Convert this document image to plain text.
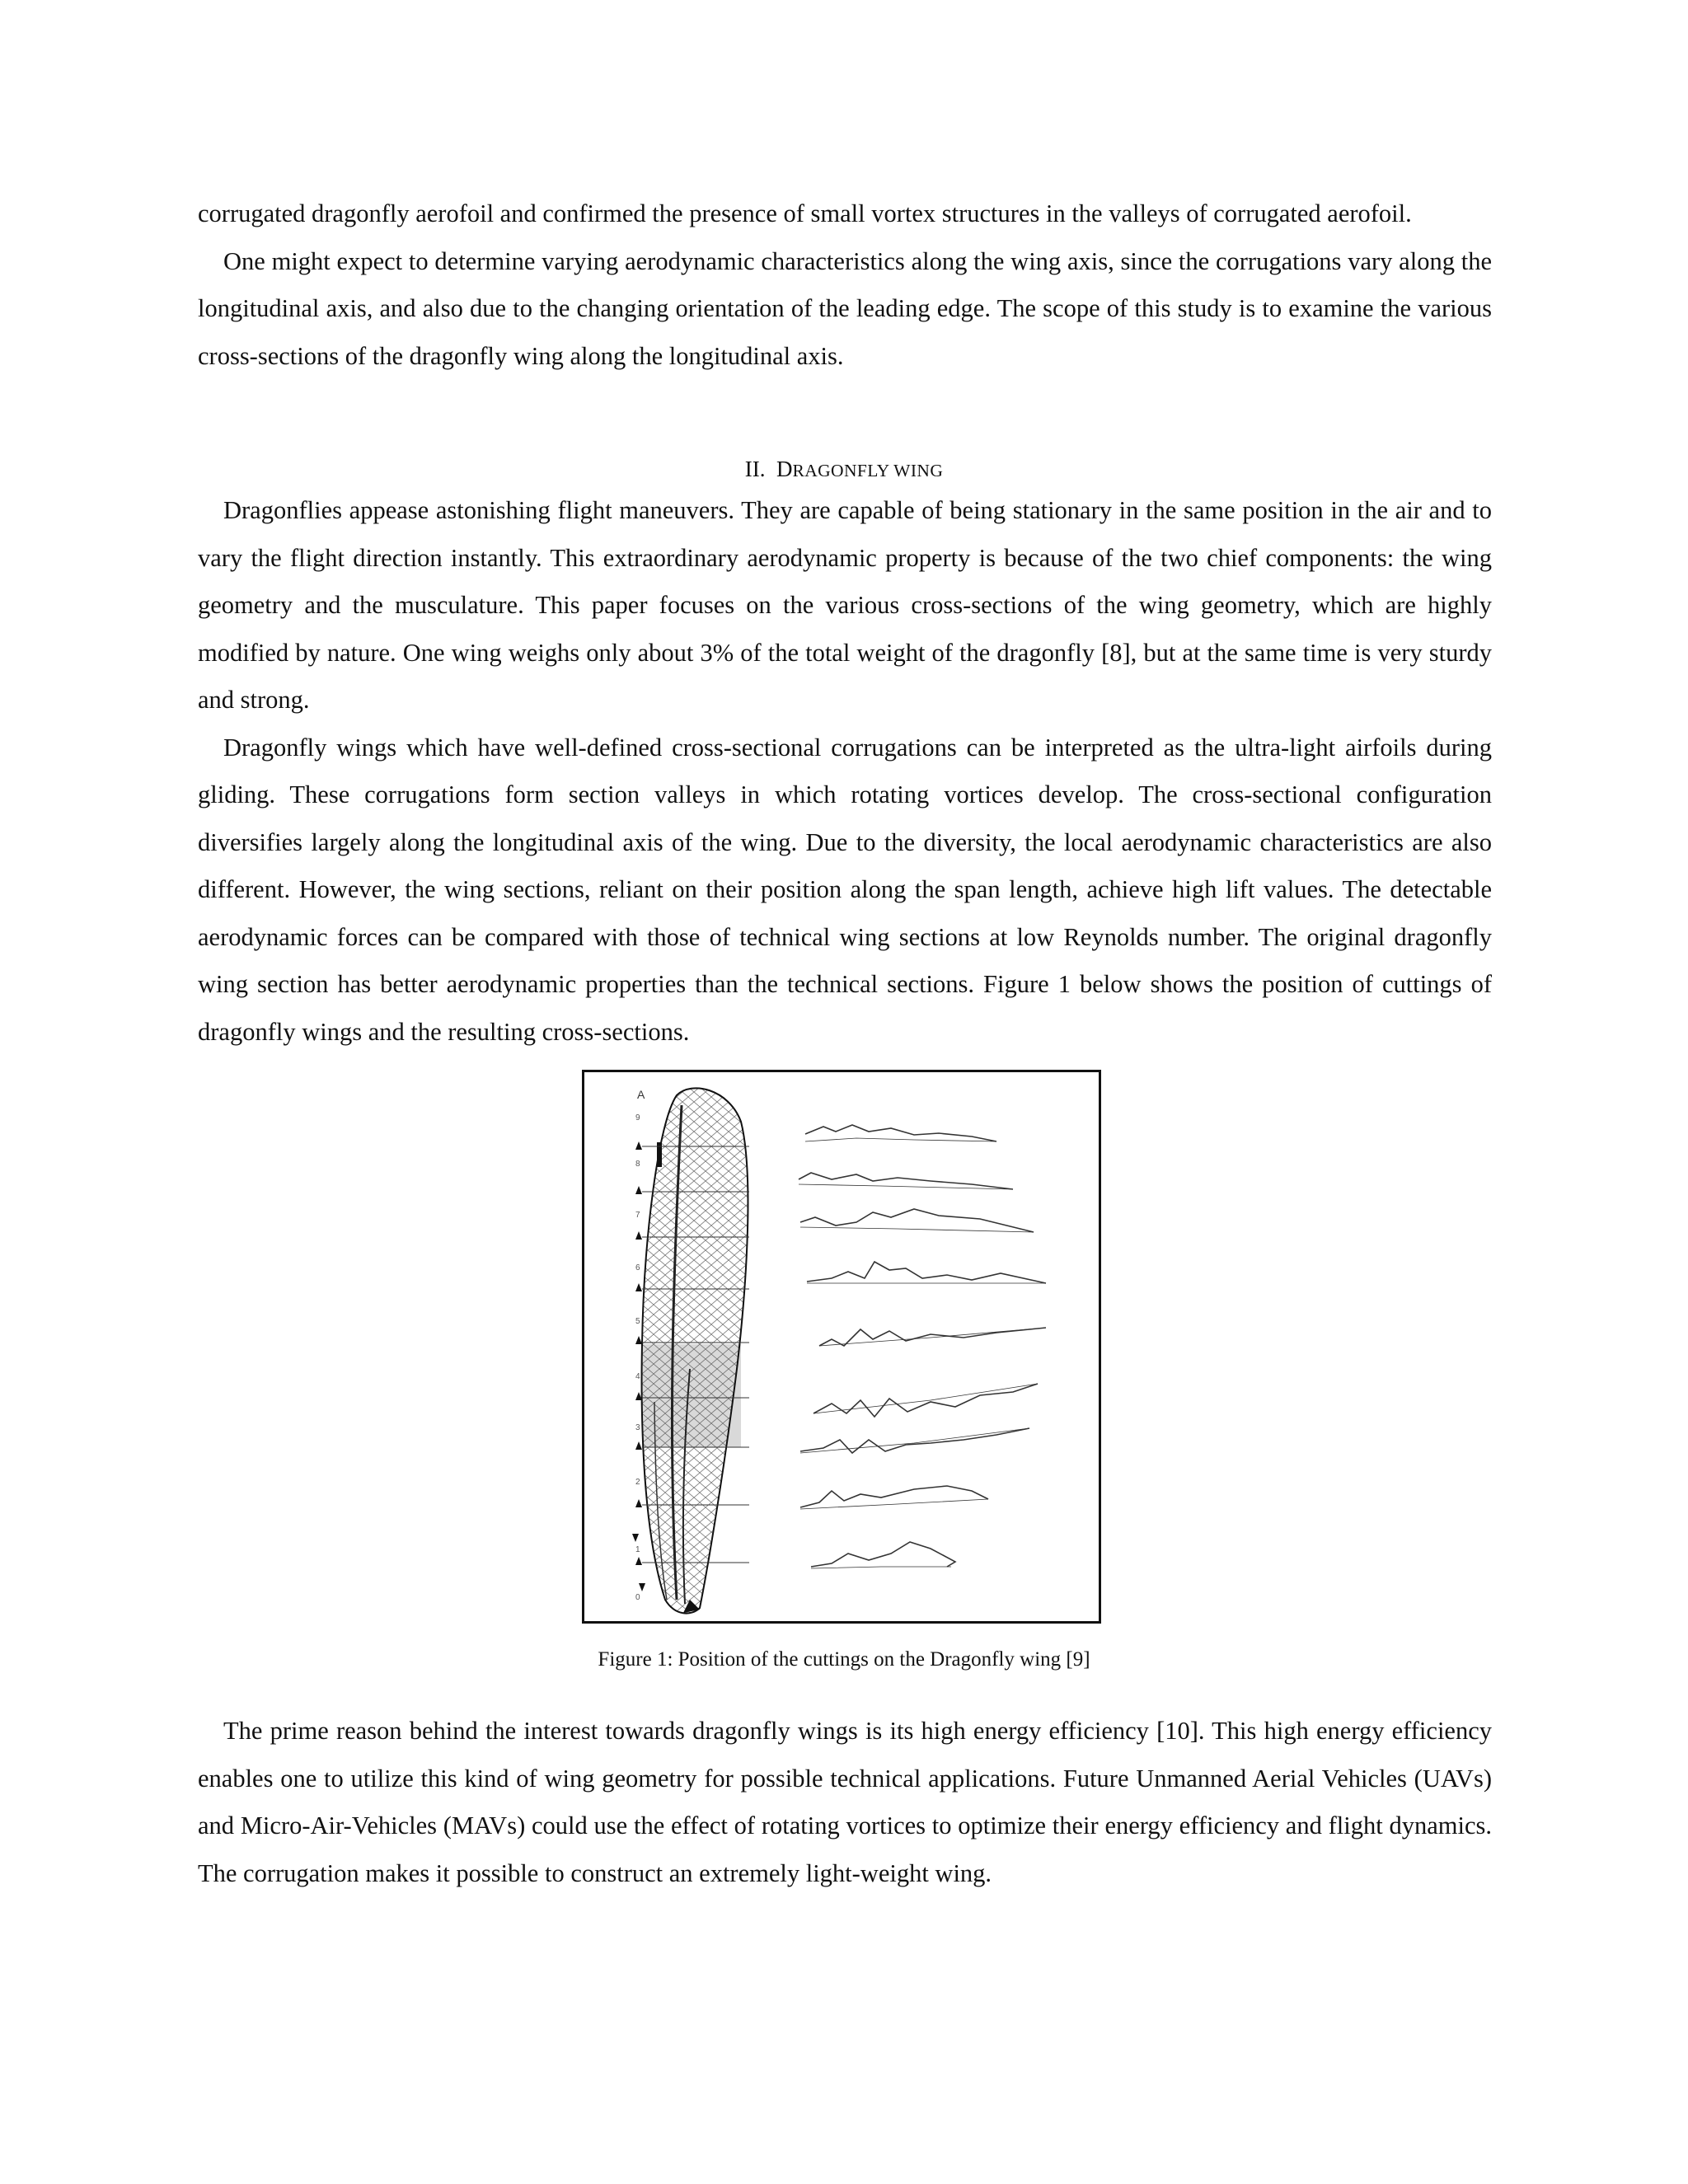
corrugated dragonfly aerofoil and confirmed the presence of small vortex structures in the valleys of corrugated aerofoil.

One might expect to determine varying aerodynamic characteristics along the wing axis, since the corrugations vary along the longitudinal axis, and also due to the changing orientation of the leading edge. The scope of this study is to examine the various cross-sections of the dragonfly wing along the longitudinal axis.

II. DRAGONFLY WING

Dragonflies appease astonishing flight maneuvers. They are capable of being stationary in the same position in the air and to vary the flight direction instantly. This extraordinary aerodynamic property is because of the two chief components: the wing geometry and the musculature. This paper focuses on the various cross-sections of the wing geometry, which are highly modified by nature. One wing weighs only about 3% of the total weight of the dragonfly [8], but at the same time is very sturdy and strong.

Dragonfly wings which have well-defined cross-sectional corrugations can be interpreted as the ultra-light airfoils during gliding. These corrugations form section valleys in which rotating vortices develop. The cross-sectional configuration diversifies largely along the longitudinal axis of the wing. Due to the diversity, the local aerodynamic characteristics are also different. However, the wing sections, reliant on their position along the span length, achieve high lift values. The detectable aerodynamic forces can be compared with those of technical wing sections at low Reynolds number. The original dragonfly wing section has better aerodynamic properties than the technical sections. Figure 1 below shows the position of cuttings of dragonfly wings and the resulting cross-sections.

A
9
8
7
6
5
4
3
2
1
0
Figure 1: Position of the cuttings on the Dragonfly wing [9]

The prime reason behind the interest towards dragonfly wings is its high energy efficiency [10]. This high energy efficiency enables one to utilize this kind of wing geometry for possible technical applications. Future Unmanned Aerial Vehicles (UAVs) and Micro-Air-Vehicles (MAVs) could use the effect of rotating vortices to optimize their energy efficiency and flight dynamics. The corrugation makes it possible to construct an extremely light-weight wing.
